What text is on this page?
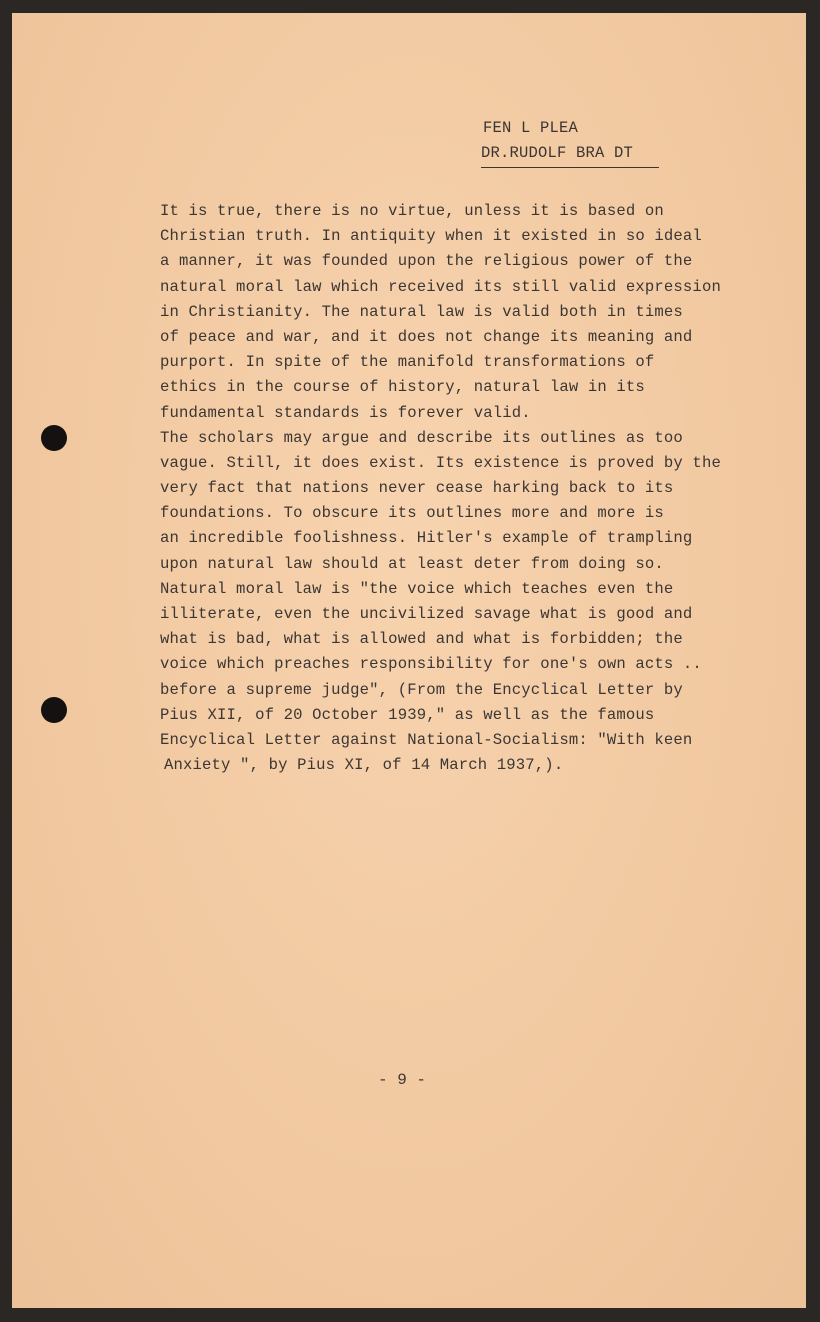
FEN L PLEA
DR.RUDOLF BRA DT
It is true, there is no virtue, unless it is based on
Christian truth. In antiquity when it existed in so ideal
a manner, it was founded upon the religious power of the
natural moral law which received its still valid expression
in Christianity. The natural law is valid both in times
of peace and war, and it does not change its meaning and
purport. In spite of the manifold transformations of
ethics in the course of history, natural law in its
fundamental standards is forever valid.
The scholars may argue and describe its outlines as too
vague. Still, it does exist. Its existence is proved by the
very fact that nations never cease harking back to its
foundations. To obscure its outlines more and more is
an incredible foolishness. Hitler's example of trampling
upon natural law should at least deter from doing so.
Natural moral law is "the voice which teaches even the
illiterate, even the uncivilized savage what is good and
what is bad, what is allowed and what is forbidden; the
voice which preaches responsibility for one's own acts ..
before a supreme judge", (From the Encyclical Letter by
Pius XII, of 20 October 1939," as well as the famous
Encyclical Letter against National-Socialism: "With keen
Anxiety ", by Pius XI, of 14 March 1937,).
- 9 -
